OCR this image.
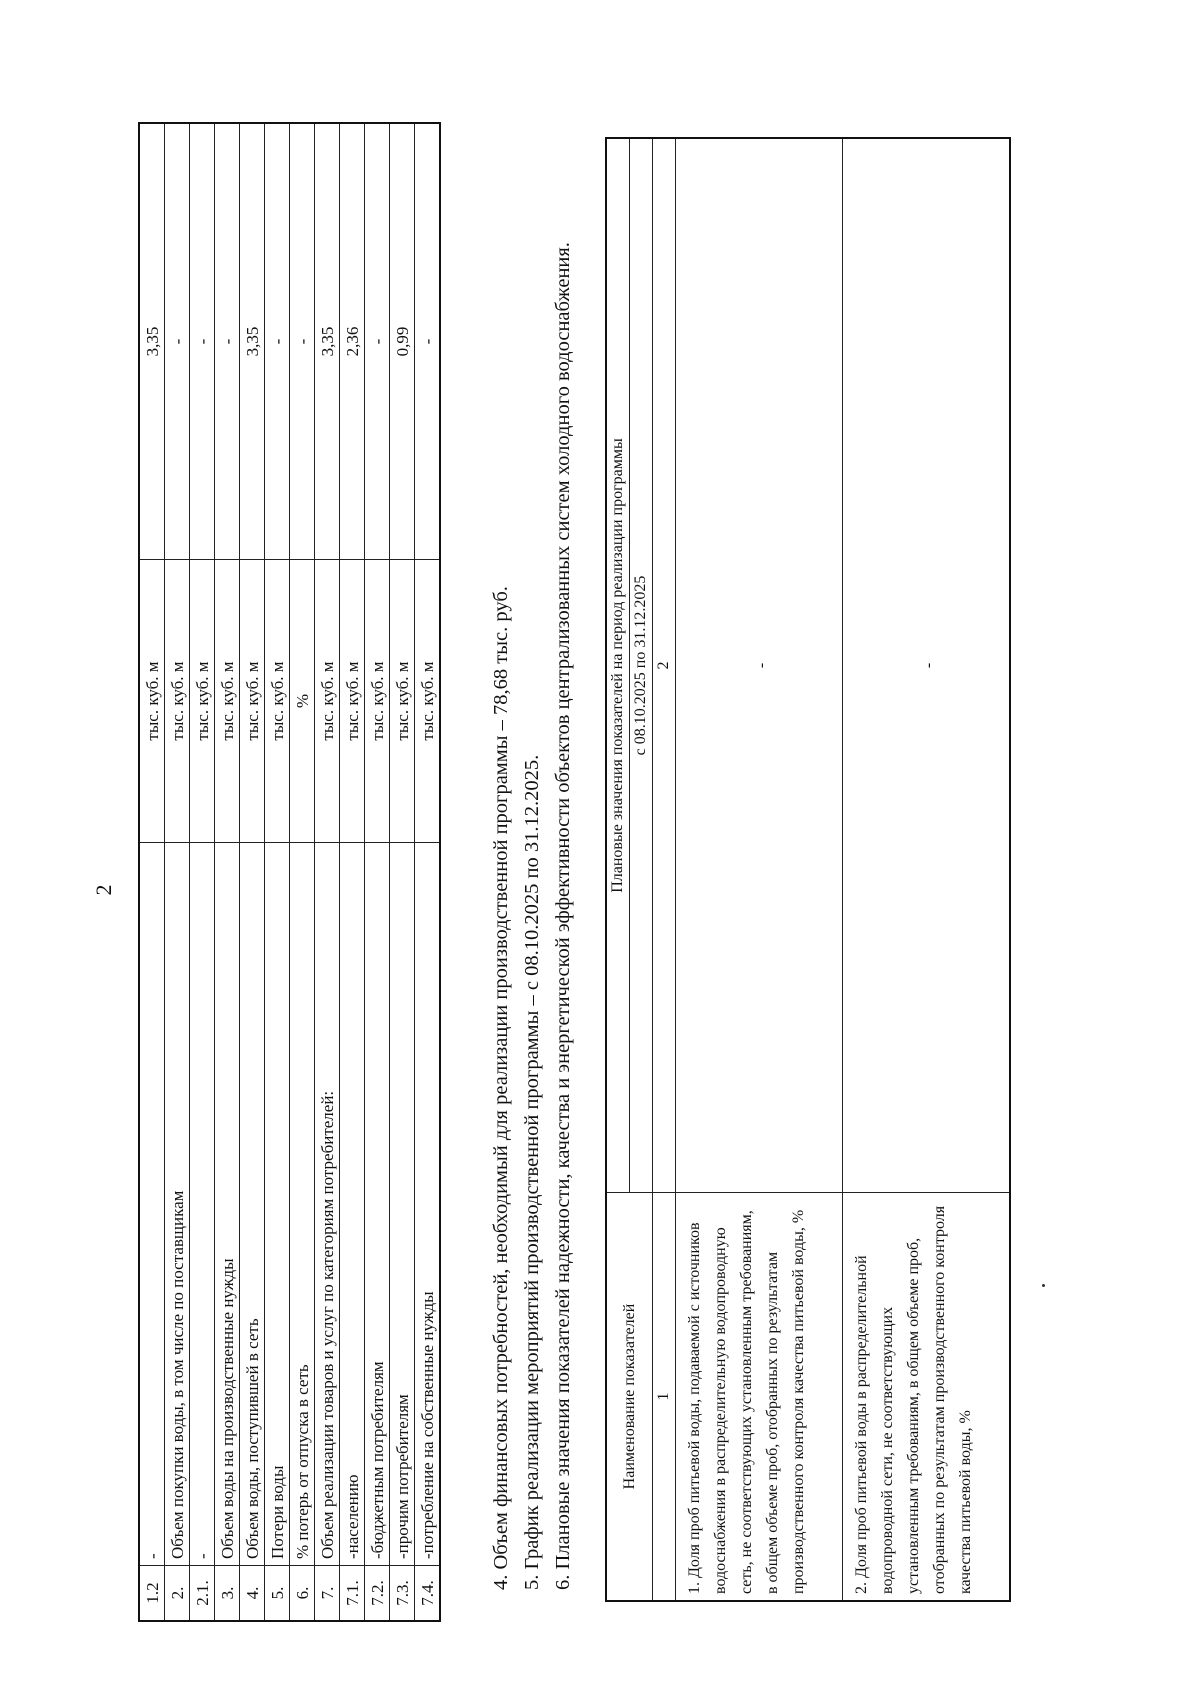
2
1.2	-	тыс. куб. м	3,35
2.	Объем покупки воды, в том числе по поставщикам	тыс. куб. м	-
2.1.	-	тыс. куб. м	-
3.	Объем воды на производственные нужды	тыс. куб. м	-
4.	Объем воды, поступившей в сеть	тыс. куб. м	3,35
5.	Потери воды	тыс. куб. м	-
6.	% потерь от отпуска в сеть	%	-
7.	Объем реализации товаров и услуг по категориям потребителей:	тыс. куб. м	3,35
7.1.	-населению	тыс. куб. м	2,36
7.2.	-бюджетным потребителям	тыс. куб. м	-
7.3.	-прочим потребителям	тыс. куб. м	0,99
7.4.	-потребление на собственные нужды	тыс. куб. м	-

4. Объем финансовых потребностей, необходимый для реализации производственной программы – 78,68 тыс. руб. 5. График реализации мероприятий производственной программы – с 08.10.2025 по 31.12.2025. 6. Плановые значения показателей надежности, качества и энергетической эффективности объектов централизованных систем холодного водоснабжения.	Наименование показателей	Плановые значения показателей на период реализации программы
	с 08.10.2025 по 31.12.2025
1	2
1. Доля проб питьевой воды, подаваемой с источников водоснабжения в распределительную водопроводную сеть, не соответствующих установленным требованиям, в общем объеме проб, отобранных по результатам производственного контроля качества питьевой воды, %	-
2. Доля проб питьевой воды в распределительной водопроводной сети, не соответствующих установленным требованиям, в общем объеме проб, отобранных по результатам производственного контроля качества питьевой воды, %	-
